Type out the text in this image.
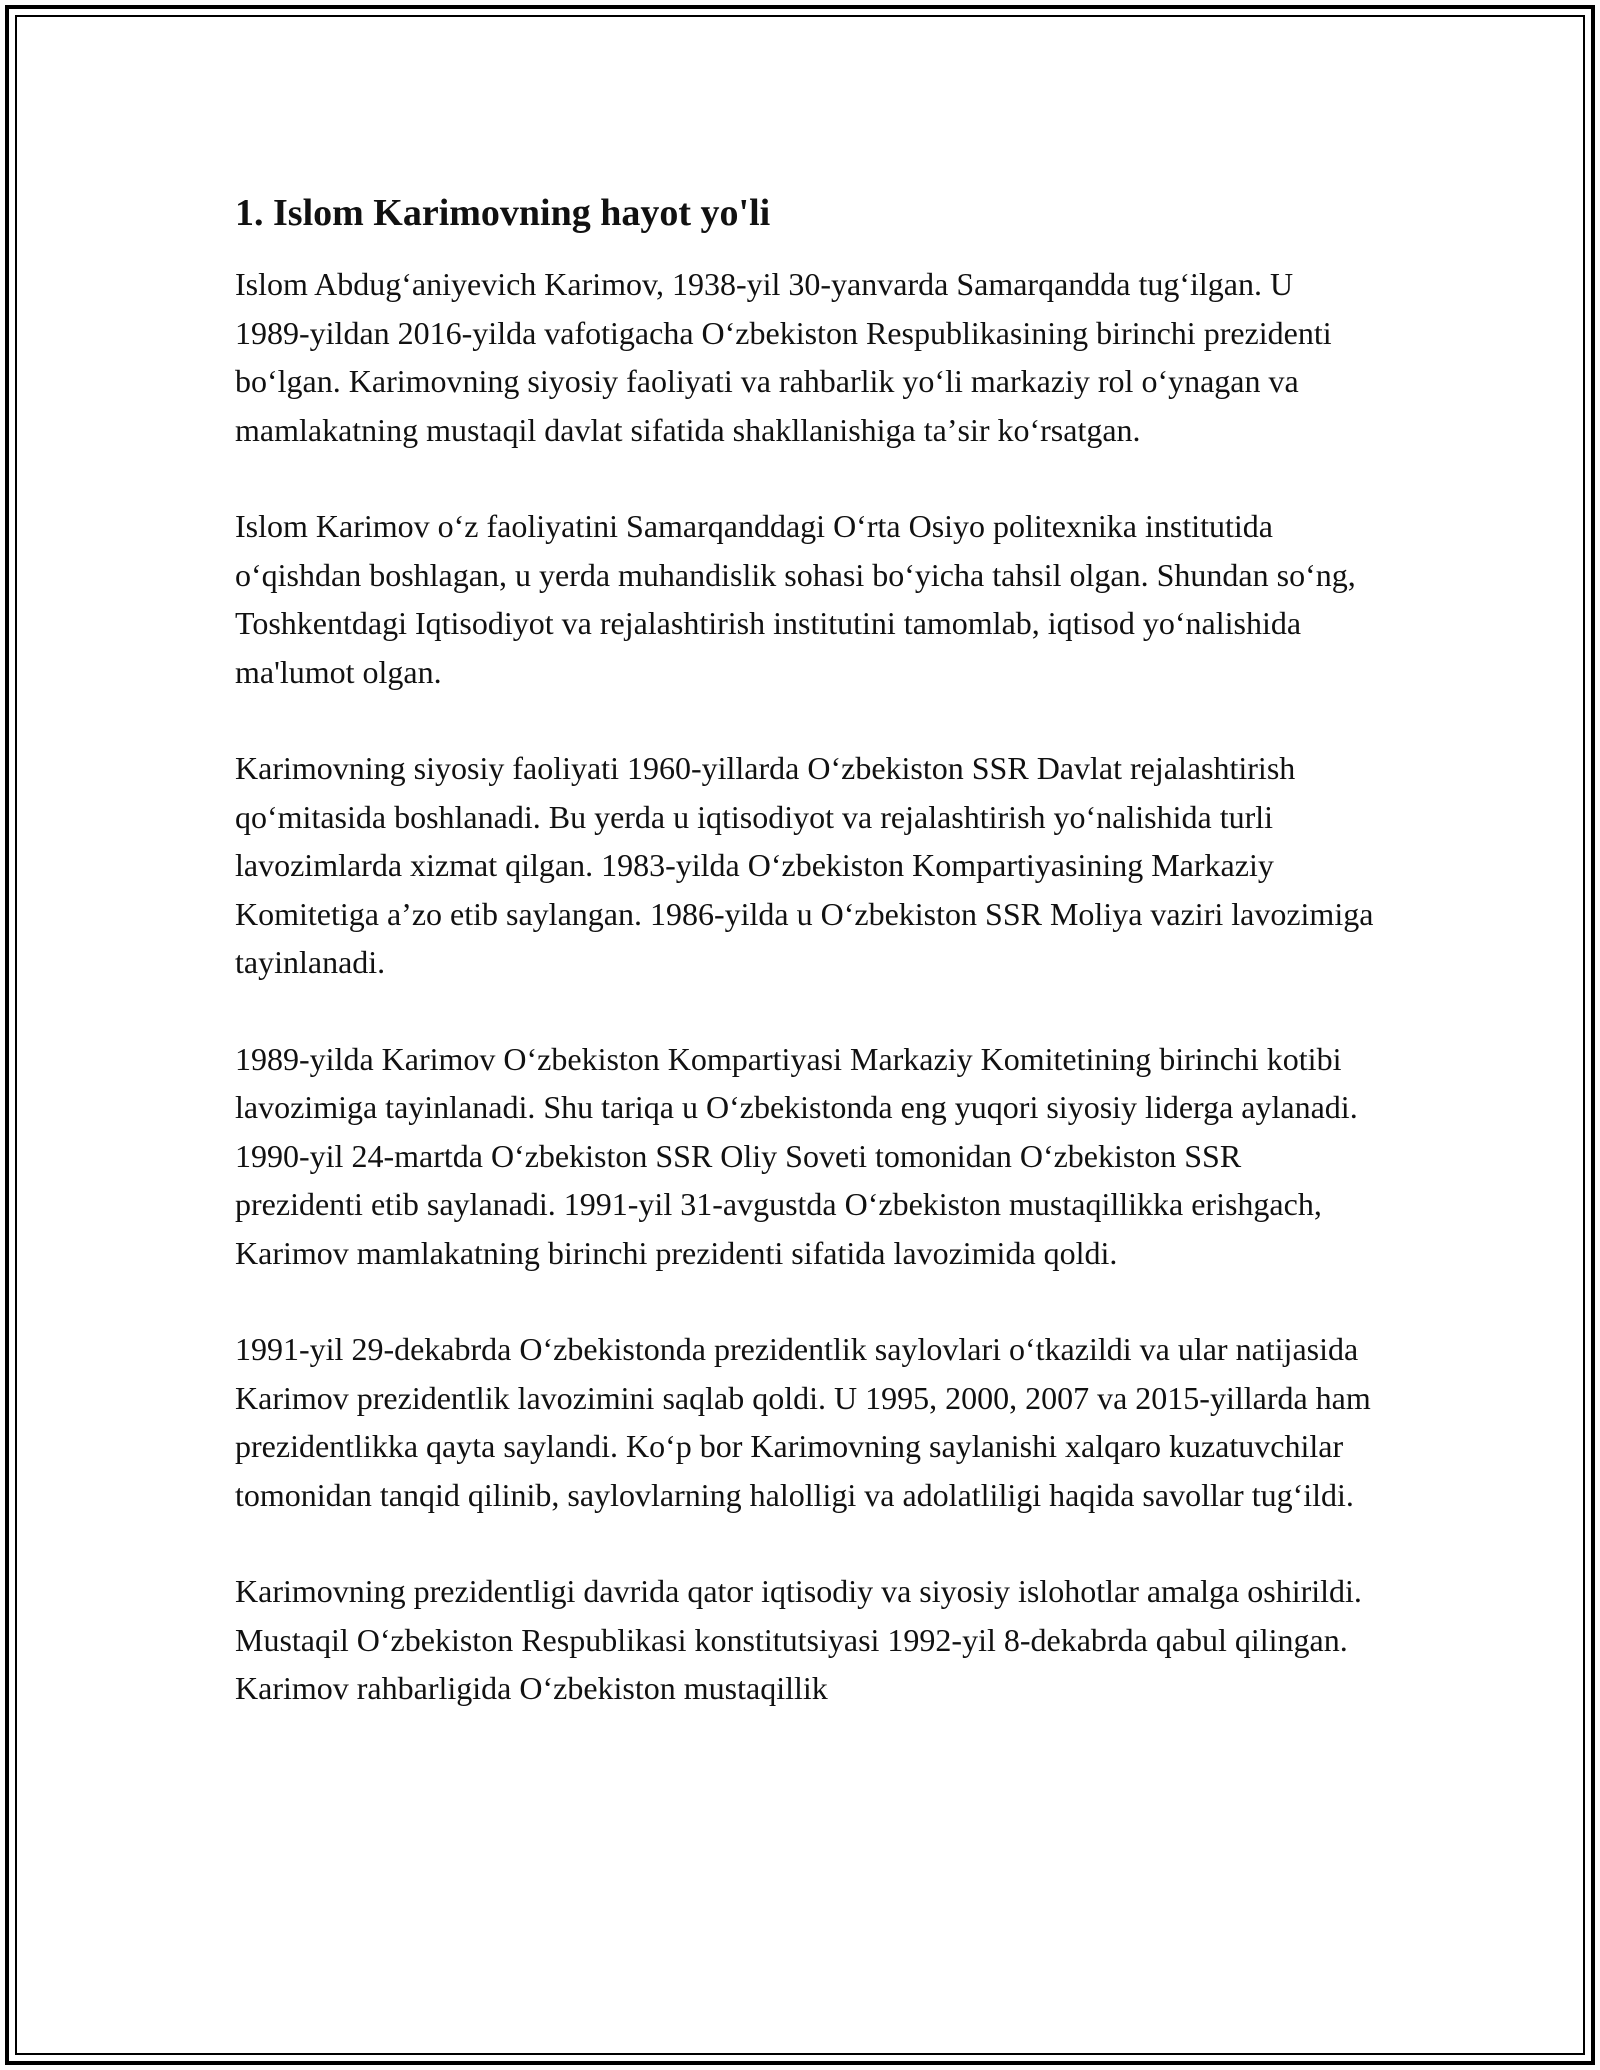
1. Islom Karimovning hayot yo'li

Islom Abdugʻaniyevich Karimov, 1938-yil 30-yanvarda Samarqandda tugʻilgan. U 1989-yildan 2016-yilda vafotigacha Oʻzbekiston Respublikasining birinchi prezidenti boʻlgan. Karimovning siyosiy faoliyati va rahbarlik yoʻli markaziy rol oʻynagan va mamlakatning mustaqil davlat sifatida shakllanishiga taʼsir koʻrsatgan.

Islom Karimov oʻz faoliyatini Samarqanddagi Oʻrta Osiyo politexnika institutida oʻqishdan boshlagan, u yerda muhandislik sohasi boʻyicha tahsil olgan. Shundan soʻng, Toshkentdagi Iqtisodiyot va rejalashtirish institutini tamomlab, iqtisod yoʻnalishida ma'lumot olgan.

Karimovning siyosiy faoliyati 1960-yillarda Oʻzbekiston SSR Davlat rejalashtirish qoʻmitasida boshlanadi. Bu yerda u iqtisodiyot va rejalashtirish yoʻnalishida turli lavozimlarda xizmat qilgan. 1983-yilda Oʻzbekiston Kompartiyasining Markaziy Komitetiga aʼzo etib saylangan. 1986-yilda u Oʻzbekiston SSR Moliya vaziri lavozimiga tayinlanadi.

1989-yilda Karimov Oʻzbekiston Kompartiyasi Markaziy Komitetining birinchi kotibi lavozimiga tayinlanadi. Shu tariqa u Oʻzbekistonda eng yuqori siyosiy liderga aylanadi. 1990-yil 24-martda Oʻzbekiston SSR Oliy Soveti tomonidan Oʻzbekiston SSR prezidenti etib saylanadi. 1991-yil 31-avgustda Oʻzbekiston mustaqillikka erishgach, Karimov mamlakatning birinchi prezidenti sifatida lavozimida qoldi.

1991-yil 29-dekabrda Oʻzbekistonda prezidentlik saylovlari oʻtkazildi va ular natijasida Karimov prezidentlik lavozimini saqlab qoldi. U 1995, 2000, 2007 va 2015-yillarda ham prezidentlikka qayta saylandi. Koʻp bor Karimovning saylanishi xalqaro kuzatuvchilar tomonidan tanqid qilinib, saylovlarning halolligi va adolatliligi haqida savollar tugʻildi.

Karimovning prezidentligi davrida qator iqtisodiy va siyosiy islohotlar amalga oshirildi. Mustaqil Oʻzbekiston Respublikasi konstitutsiyasi 1992-yil 8-dekabrda qabul qilingan. Karimov rahbarligida Oʻzbekiston mustaqillik
